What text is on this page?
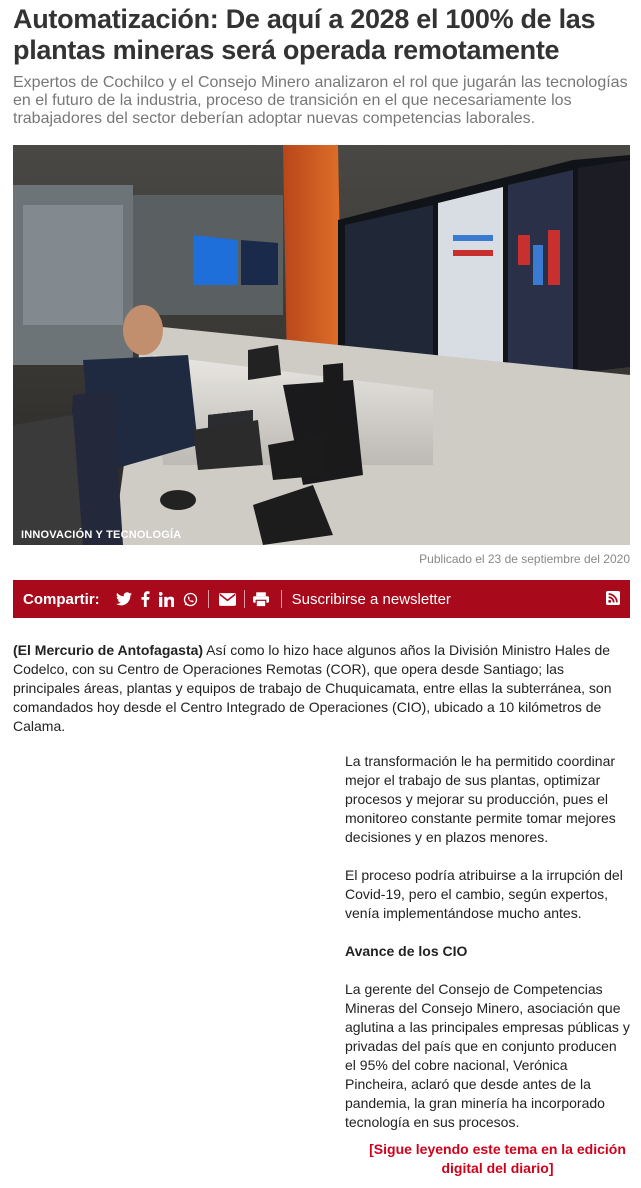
Automatización: De aquí a 2028 el 100% de las plantas mineras será operada remotamente

Expertos de Cochilco y el Consejo Minero analizaron el rol que jugarán las tecnologías en el futuro de la industria, proceso de transición en el que necesariamente los trabajadores del sector deberían adoptar nuevas competencias laborales.

INNOVACIÓN Y TECNOLOGÍA
Publicado el 23 de septiembre del 2020
Compartir:	Suscribirse a newsletter

(El Mercurio de Antofagasta) Así como lo hizo hace algunos años la División Ministro Hales de Codelco, con su Centro de Operaciones Remotas (COR), que opera desde Santiago; las principales áreas, plantas y equipos de trabajo de Chuquicamata, entre ellas la subterránea, son comandados hoy desde el Centro Integrado de Operaciones (CIO), ubicado a 10 kilómetros de Calama.

La transformación le ha permitido coordinar mejor el trabajo de sus plantas, optimizar procesos y mejorar su producción, pues el monitoreo constante permite tomar mejores decisiones y en plazos menores.

El proceso podría atribuirse a la irrupción del Covid-19, pero el cambio, según expertos, venía implementándose mucho antes.

Avance de los CIO

La gerente del Consejo de Competencias Mineras del Consejo Minero, asociación que aglutina a las principales empresas públicas y privadas del país que en conjunto producen el 95% del cobre nacional, Verónica Pincheira, aclaró que desde antes de la pandemia, la gran minería ha incorporado tecnología en sus procesos.

[Sigue leyendo este tema en la edición digital del diario]
